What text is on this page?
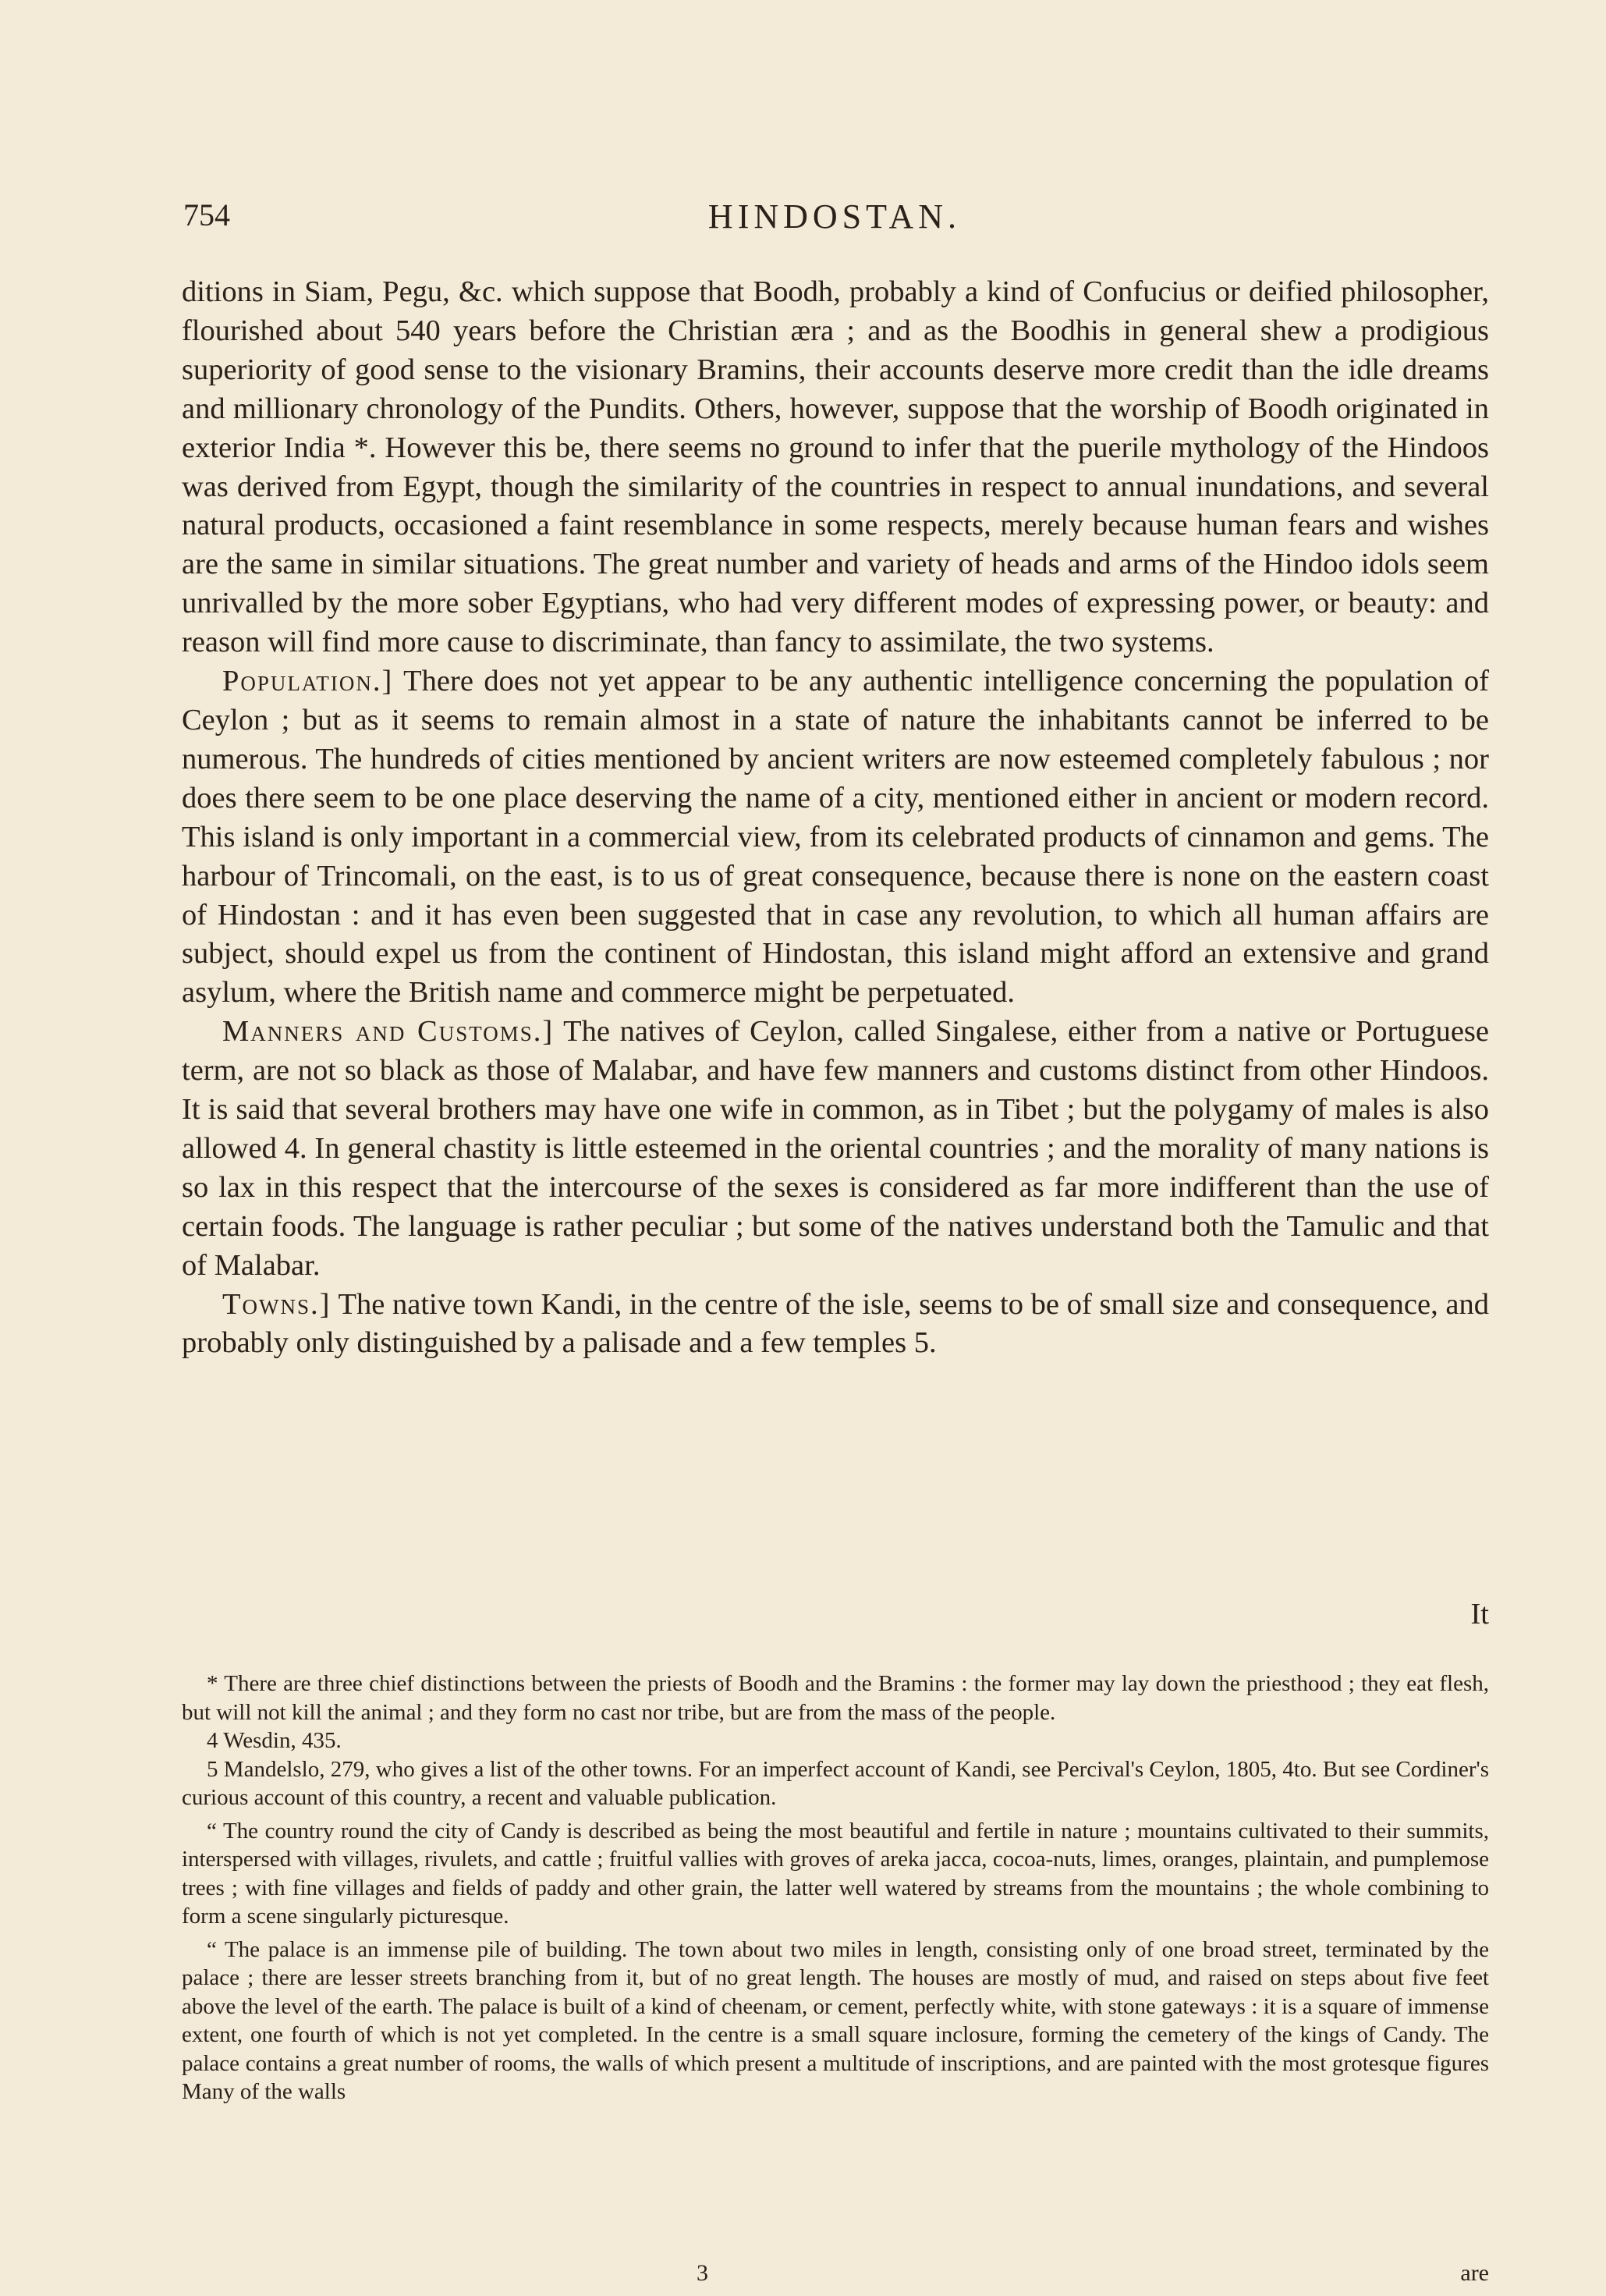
754	HINDOSTAN.

ditions in Siam, Pegu, &c. which suppose that Boodh, probably a kind of Confucius or deified philosopher, flourished about 540 years before the Christian æra ; and as the Boodhis in general shew a prodigious superiority of good sense to the visionary Bramins, their accounts deserve more credit than the idle dreams and millionary chronology of the Pundits. Others, however, suppose that the worship of Boodh originated in exterior India *. However this be, there seems no ground to infer that the puerile mythology of the Hindoos was derived from Egypt, though the similarity of the countries in respect to annual inundations, and several natural products, occasioned a faint resemblance in some respects, merely because human fears and wishes are the same in similar situations. The great number and variety of heads and arms of the Hindoo idols seem unrivalled by the more sober Egyptians, who had very different modes of expressing power, or beauty: and reason will find more cause to discriminate, than fancy to assimilate, the two systems.

Population.] There does not yet appear to be any authentic intelligence concerning the population of Ceylon ; but as it seems to remain almost in a state of nature the inhabitants cannot be inferred to be numerous. The hundreds of cities mentioned by ancient writers are now esteemed completely fabulous ; nor does there seem to be one place deserving the name of a city, mentioned either in ancient or modern record. This island is only important in a commercial view, from its celebrated products of cinnamon and gems. The harbour of Trincomali, on the east, is to us of great consequence, because there is none on the eastern coast of Hindostan : and it has even been suggested that in case any revolution, to which all human affairs are subject, should expel us from the continent of Hindostan, this island might afford an extensive and grand asylum, where the British name and commerce might be perpetuated.

Manners and Customs.] The natives of Ceylon, called Singalese, either from a native or Portuguese term, are not so black as those of Malabar, and have few manners and customs distinct from other Hindoos. It is said that several brothers may have one wife in common, as in Tibet ; but the polygamy of males is also allowed 4. In general chastity is little esteemed in the oriental countries ; and the morality of many nations is so lax in this respect that the intercourse of the sexes is considered as far more indifferent than the use of certain foods. The language is rather peculiar ; but some of the natives understand both the Tamulic and that of Malabar.

Towns.] The native town Kandi, in the centre of the isle, seems to be of small size and consequence, and probably only distinguished by a palisade and a few temples 5.

It

* There are three chief distinctions between the priests of Boodh and the Bramins : the former may lay down the priesthood ; they eat flesh, but will not kill the animal ; and they form no cast nor tribe, but are from the mass of the people.

4 Wesdin, 435.

5 Mandelslo, 279, who gives a list of the other towns. For an imperfect account of Kandi, see Percival's Ceylon, 1805, 4to. But see Cordiner's curious account of this country, a recent and valuable publication.

“ The country round the city of Candy is described as being the most beautiful and fertile in nature ; mountains cultivated to their summits, interspersed with villages, rivulets, and cattle ; fruitful vallies with groves of areka jacca, cocoa-nuts, limes, oranges, plaintain, and pumplemose trees ; with fine villages and fields of paddy and other grain, the latter well watered by streams from the mountains ; the whole combining to form a scene singularly picturesque.

“ The palace is an immense pile of building. The town about two miles in length, consisting only of one broad street, terminated by the palace ; there are lesser streets branching from it, but of no great length. The houses are mostly of mud, and raised on steps about five feet above the level of the earth. The palace is built of a kind of cheenam, or cement, perfectly white, with stone gateways : it is a square of immense extent, one fourth of which is not yet completed. In the centre is a small square inclosure, forming the cemetery of the kings of Candy. The palace contains a great number of rooms, the walls of which present a multitude of inscriptions, and are painted with the most grotesque figures Many of the walls

3	are
